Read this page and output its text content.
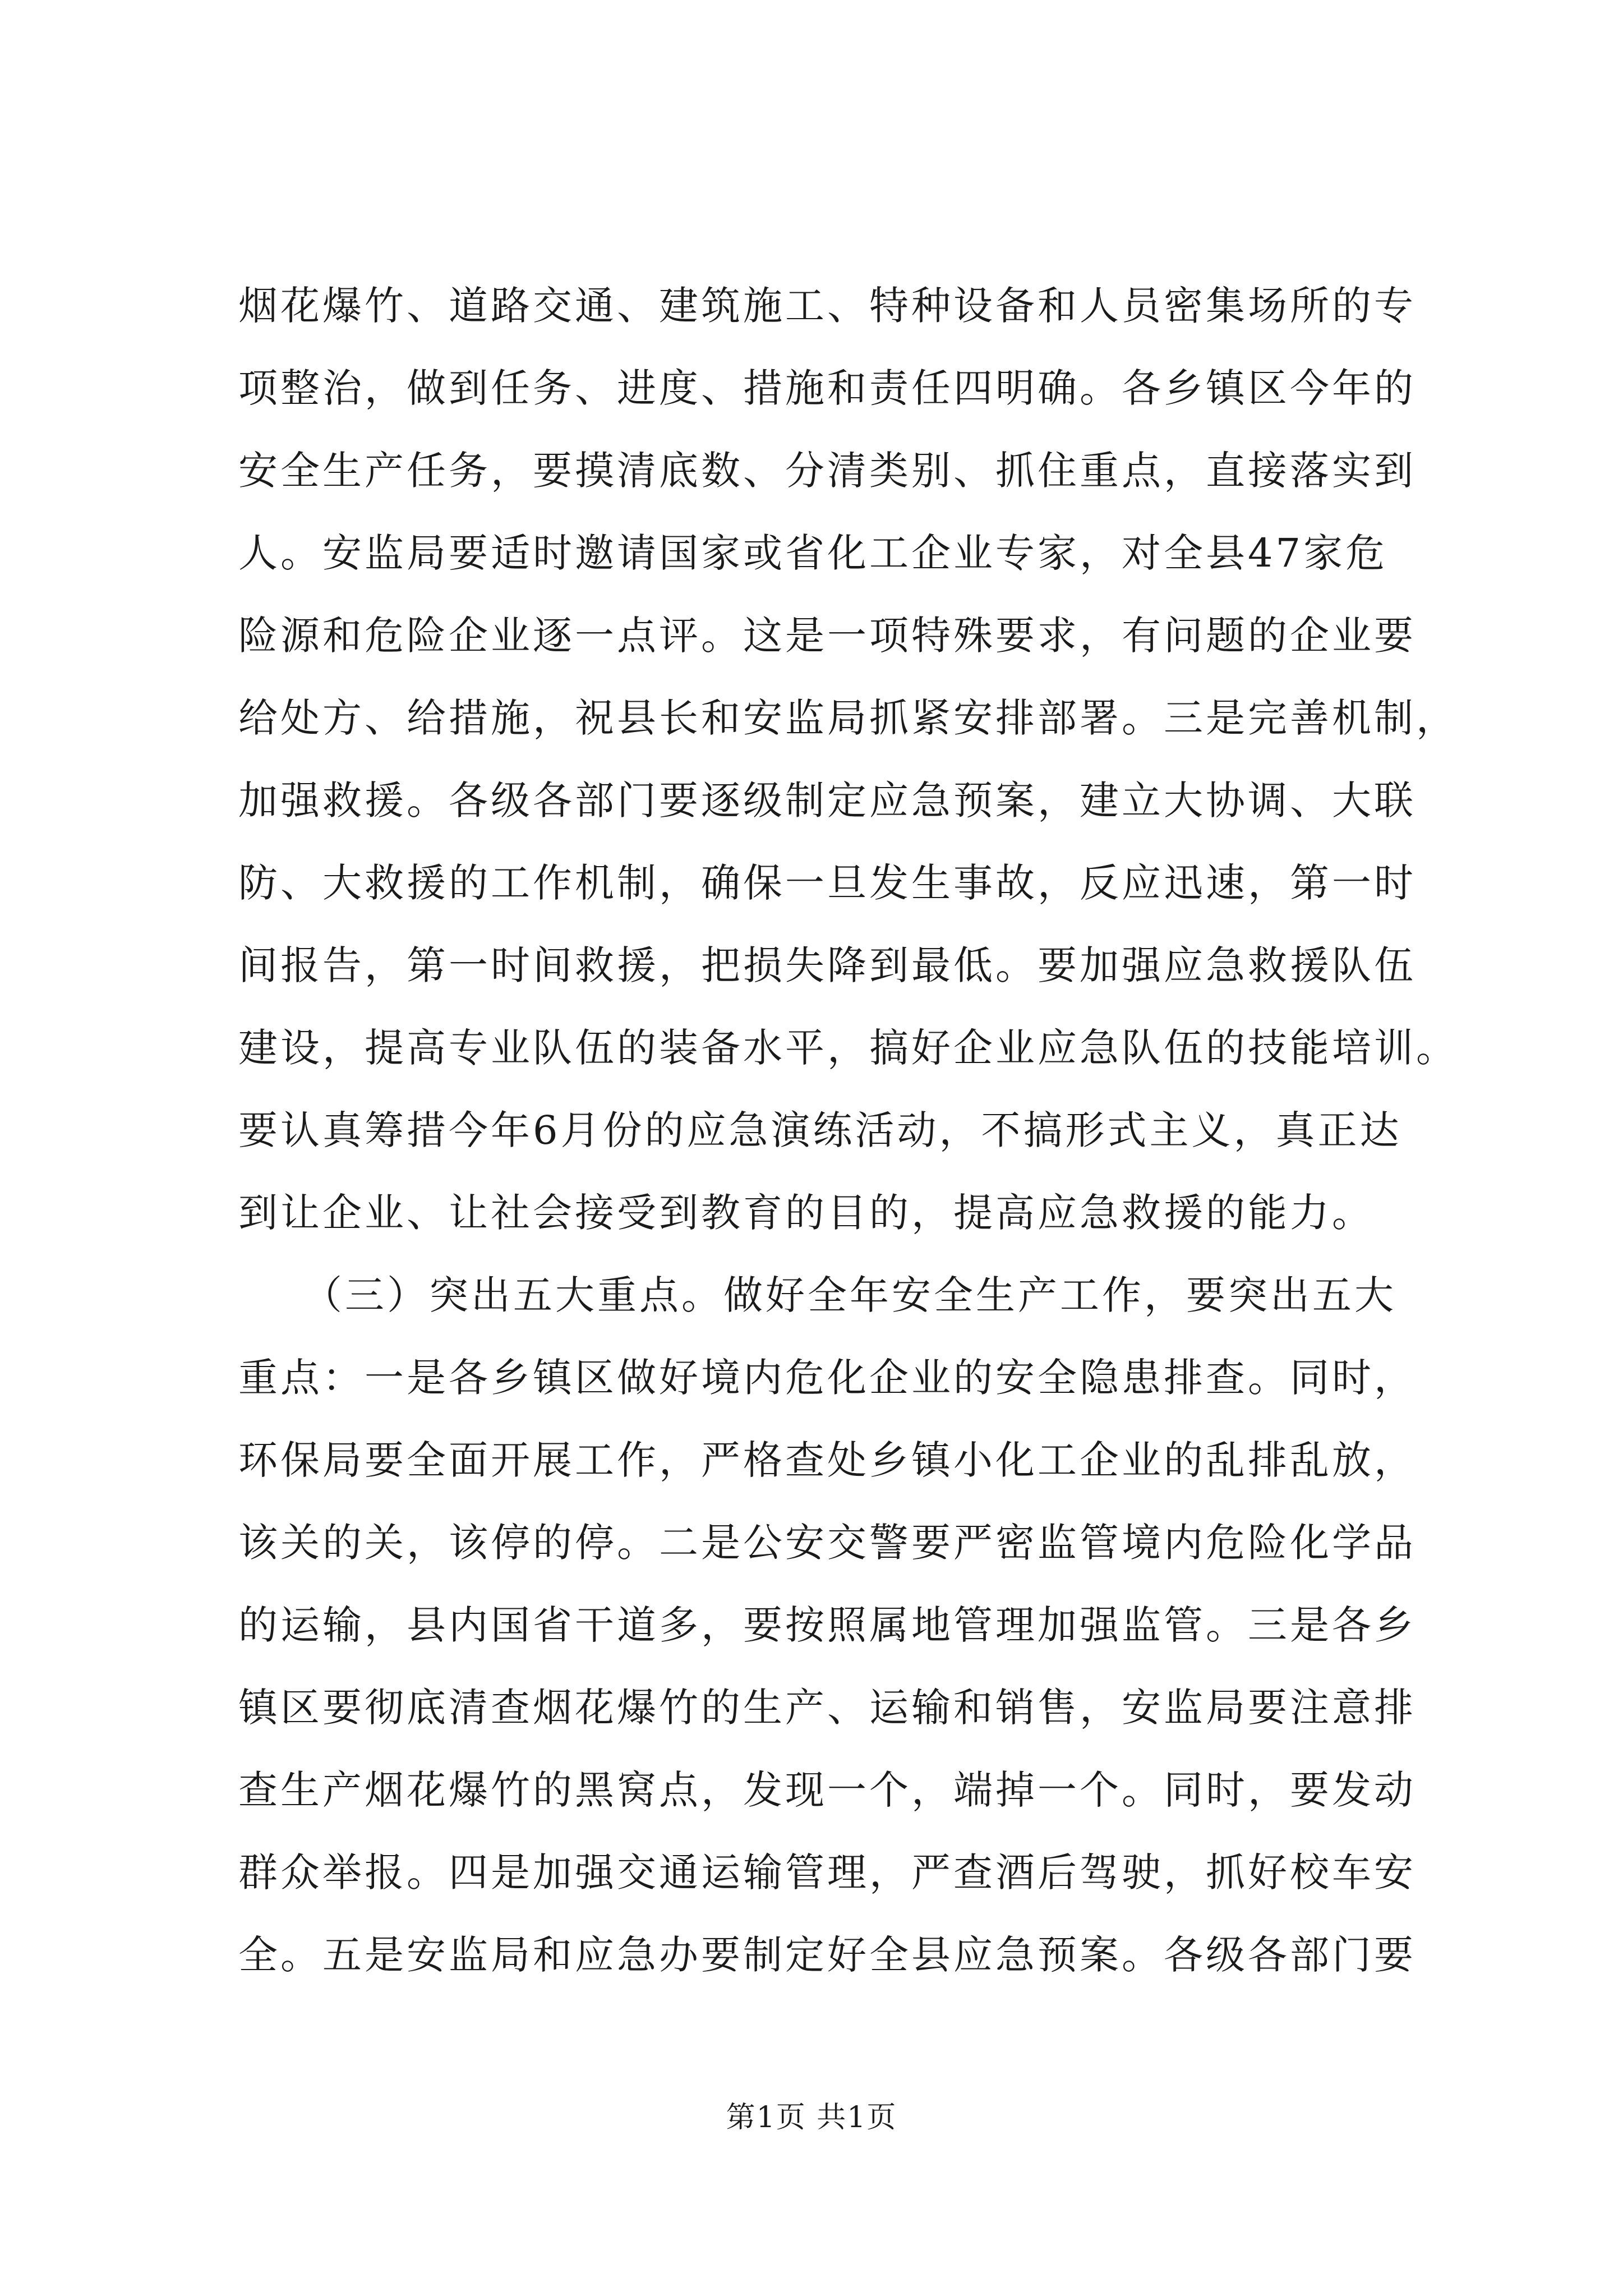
烟花爆竹、道路交通、建筑施工、特种设备和人员密集场所的专
项整治，做到任务、进度、措施和责任四明确。各乡镇区今年的
安全生产任务，要摸清底数、分清类别、抓住重点，直接落实到
人。安监局要适时邀请国家或省化工企业专家，对全县47家危
险源和危险企业逐一点评。这是一项特殊要求，有问题的企业要
给处方、给措施，祝县长和安监局抓紧安排部署。三是完善机制，
加强救援。各级各部门要逐级制定应急预案，建立大协调、大联
防、大救援的工作机制，确保一旦发生事故，反应迅速，第一时
间报告，第一时间救援，把损失降到最低。要加强应急救援队伍
建设，提高专业队伍的装备水平，搞好企业应急队伍的技能培训。
要认真筹措今年6月份的应急演练活动，不搞形式主义，真正达
到让企业、让社会接受到教育的目的，提高应急救援的能力。
　　（三）突出五大重点。做好全年安全生产工作，要突出五大
重点：一是各乡镇区做好境内危化企业的安全隐患排查。同时，
环保局要全面开展工作，严格查处乡镇小化工企业的乱排乱放，
该关的关，该停的停。二是公安交警要严密监管境内危险化学品
的运输，县内国省干道多，要按照属地管理加强监管。三是各乡
镇区要彻底清查烟花爆竹的生产、运输和销售，安监局要注意排
查生产烟花爆竹的黑窝点，发现一个，端掉一个。同时，要发动
群众举报。四是加强交通运输管理，严查酒后驾驶，抓好校车安
全。五是安监局和应急办要制定好全县应急预案。各级各部门要
第1页 共1页
